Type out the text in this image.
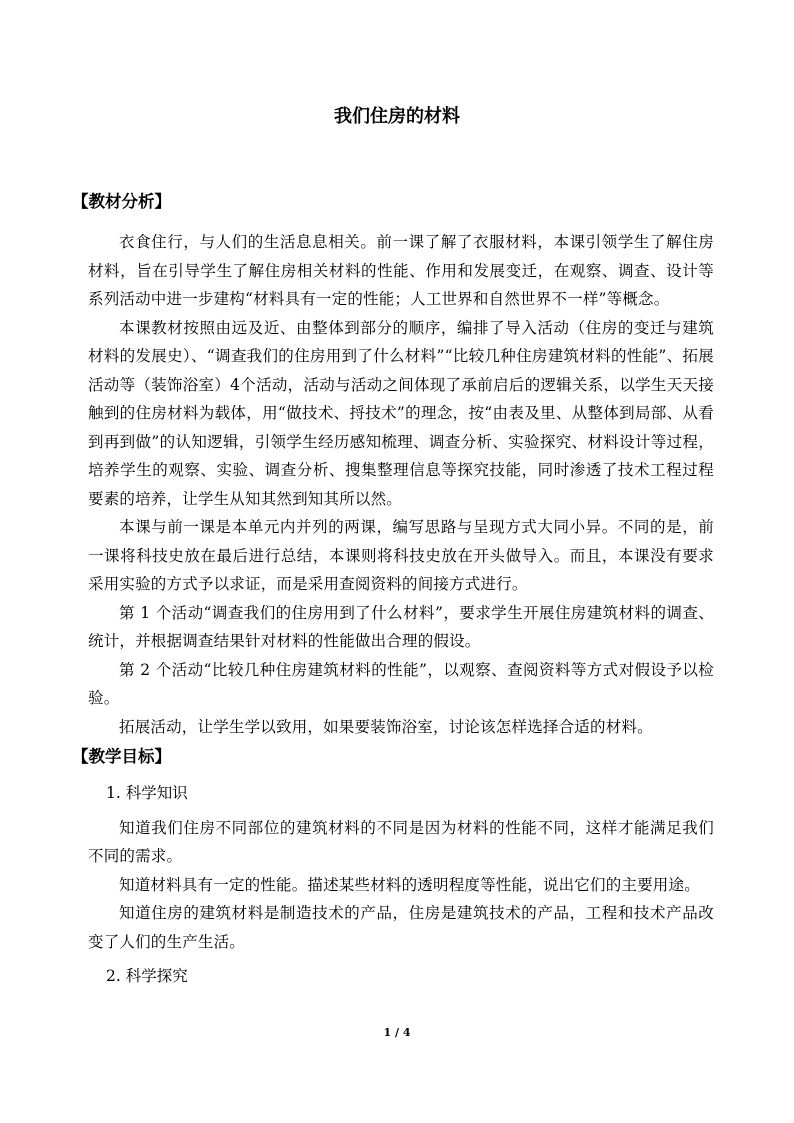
我们住房的材料
【教材分析】

衣食住行，与人们的生活息息相关。前一课了解了衣服材料，本课引领学生了解住房材料，旨在引导学生了解住房相关材料的性能、作用和发展变迁，在观察、调查、设计等系列活动中进一步建构“材料具有一定的性能；人工世界和自然世界不一样”等概念。

本课教材按照由远及近、由整体到部分的顺序，编排了导入活动（住房的变迁与建筑材料的发展史）、“调查我们的住房用到了什么材料”“比较几种住房建筑材料的性能”、拓展活动等（装饰浴室）4个活动，活动与活动之间体现了承前启后的逻辑关系，以学生天天接触到的住房材料为载体，用“做技术、捋技术”的理念，按“由表及里、从整体到局部、从看到再到做”的认知逻辑，引领学生经历感知梳理、调查分析、实验探究、材料设计等过程，培养学生的观察、实验、调查分析、搜集整理信息等探究技能，同时渗透了技术工程过程要素的培养，让学生从知其然到知其所以然。

本课与前一课是本单元内并列的两课，编写思路与呈现方式大同小异。不同的是，前一课将科技史放在最后进行总结，本课则将科技史放在开头做导入。而且，本课没有要求采用实验的方式予以求证，而是采用查阅资料的间接方式进行。

第 1 个活动“调查我们的住房用到了什么材料”，要求学生开展住房建筑材料的调查、统计，并根据调查结果针对材料的性能做出合理的假设。

第 2 个活动“比较几种住房建筑材料的性能”，以观察、查阅资料等方式对假设予以检验。

拓展活动，让学生学以致用，如果要装饰浴室，讨论该怎样选择合适的材料。

【教学目标】

1. 科学知识

知道我们住房不同部位的建筑材料的不同是因为材料的性能不同，这样才能满足我们不同的需求。

知道材料具有一定的性能。描述某些材料的透明程度等性能，说出它们的主要用途。

知道住房的建筑材料是制造技术的产品，住房是建筑技术的产品，工程和技术产品改变了人们的生产生活。

2. 科学探究

1 / 4
